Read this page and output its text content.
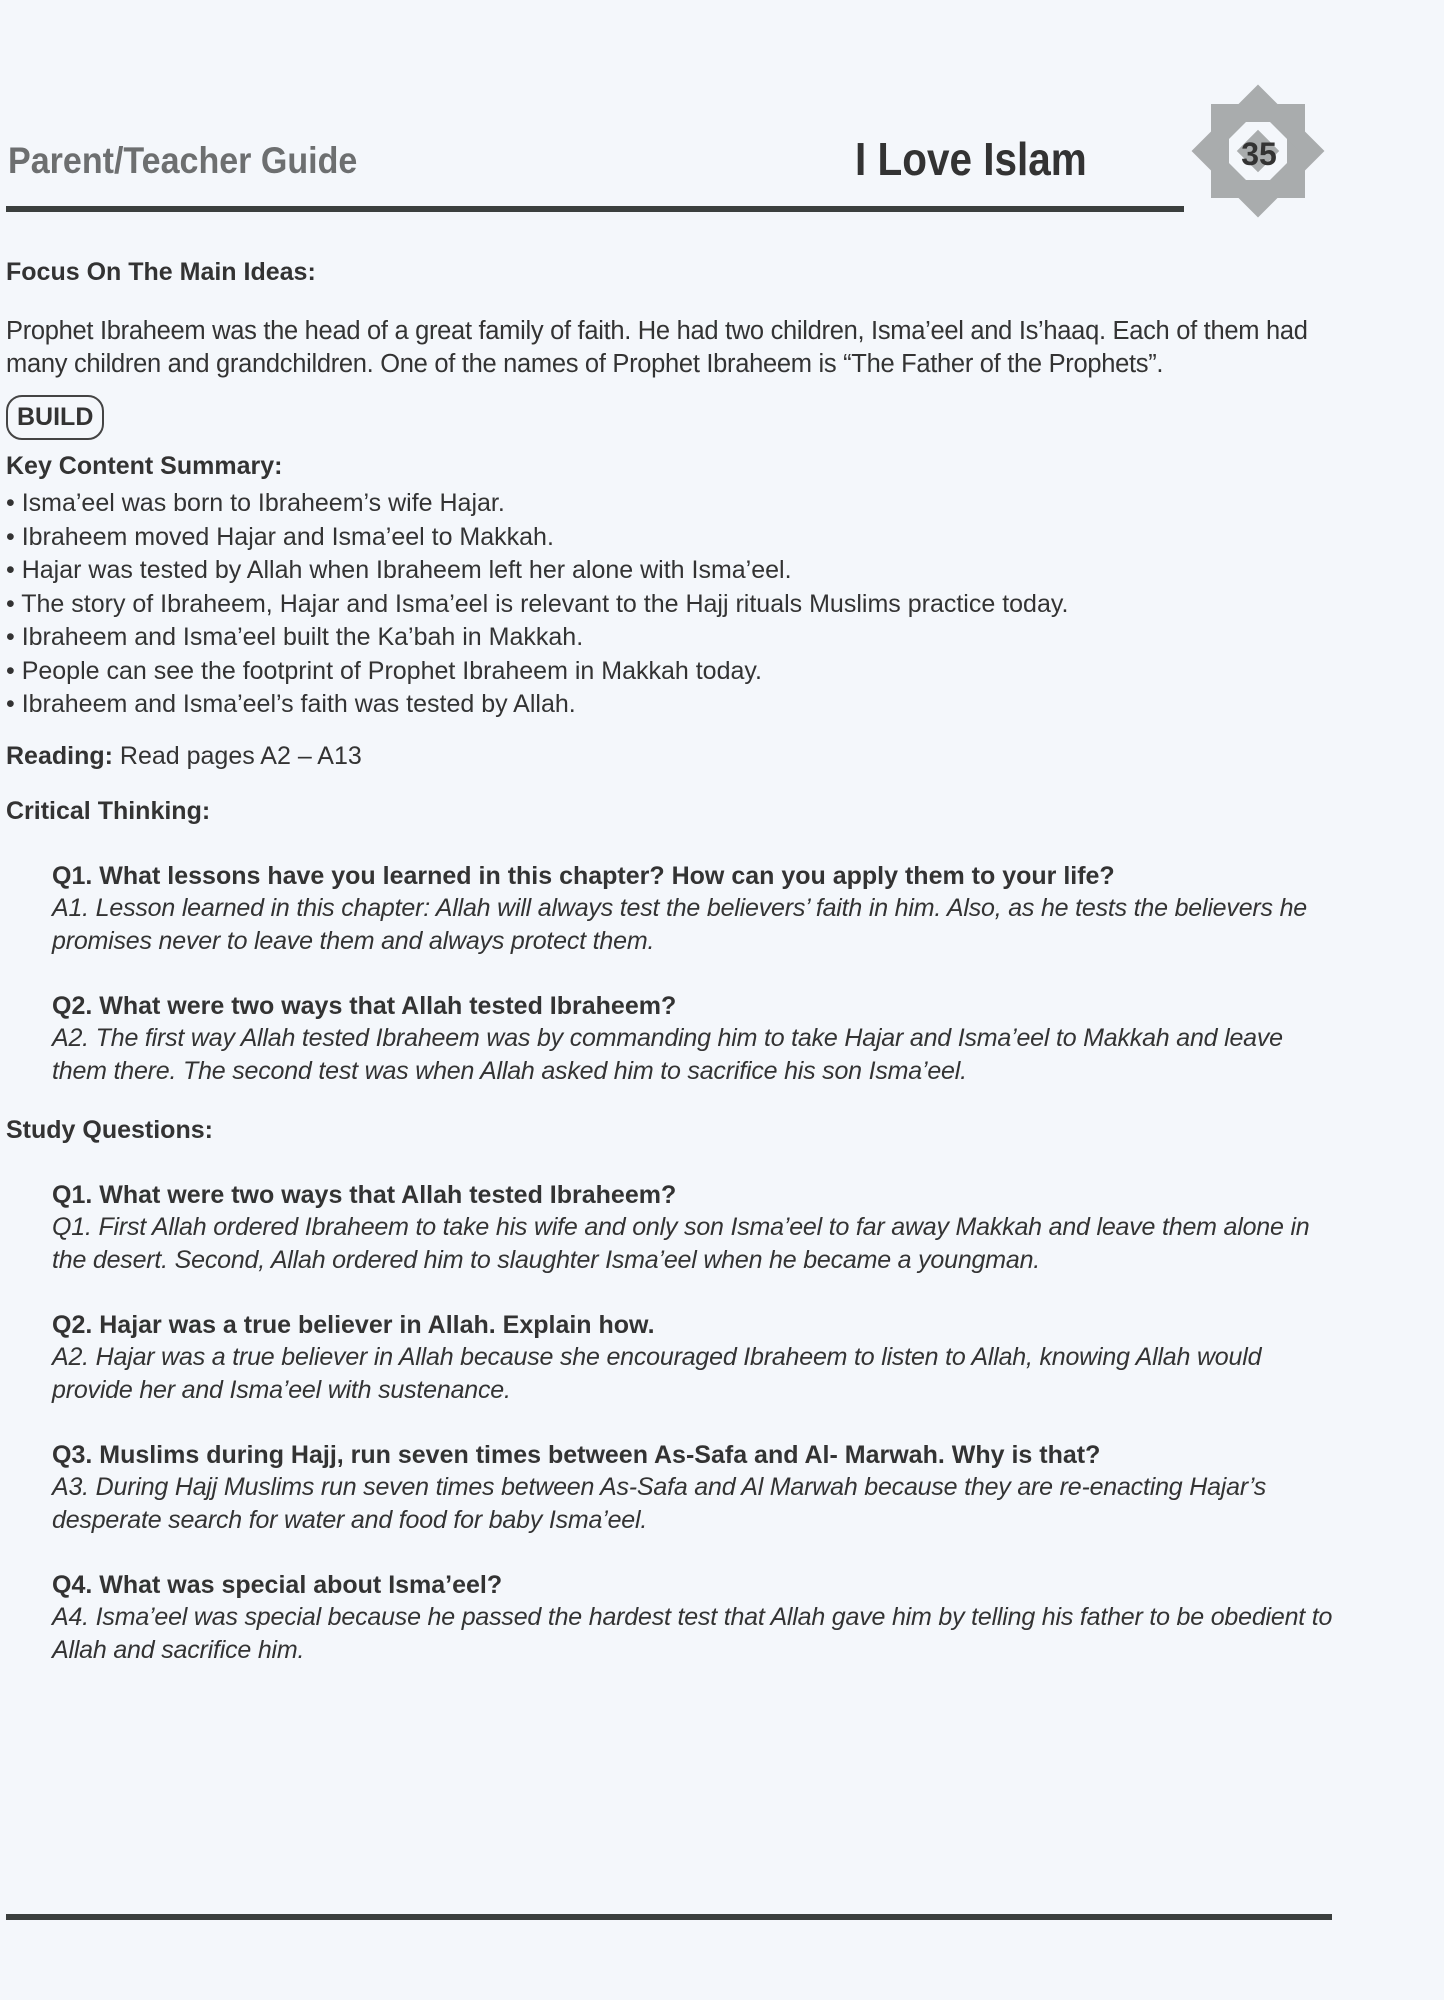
Parent/Teacher Guide	I Love Islam	35
Focus On The Main Ideas:

Prophet Ibraheem was the head of a great family of faith. He had two children, Isma’eel and Is’haaq. Each of them had many children and grandchildren. One of the names of Prophet Ibraheem is “The Father of the Prophets”.

BUILD
Key Content Summary:
• Isma’eel was born to Ibraheem’s wife Hajar.
• Ibraheem moved Hajar and Isma’eel to Makkah.
• Hajar was tested by Allah when Ibraheem left her alone with Isma’eel.
• The story of Ibraheem, Hajar and Isma’eel is relevant to the Hajj rituals Muslims practice today.
• Ibraheem and Isma’eel built the Ka’bah in Makkah.
• People can see the footprint of Prophet Ibraheem in Makkah today.
• Ibraheem and Isma’eel’s faith was tested by Allah.
Reading: Read pages A2 – A13
Critical Thinking:
Q1. What lessons have you learned in this chapter? How can you apply them to your life?
A1. Lesson learned in this chapter: Allah will always test the believers’ faith in him. Also, as he tests the believers he promises never to leave them and always protect them.
Q2. What were two ways that Allah tested Ibraheem?
A2. The first way Allah tested Ibraheem was by commanding him to take Hajar and Isma’eel to Makkah and leave them there. The second test was when Allah asked him to sacrifice his son Isma’eel.
Study Questions:
Q1. What were two ways that Allah tested Ibraheem?
Q1. First Allah ordered Ibraheem to take his wife and only son Isma’eel to far away Makkah and leave them alone in the desert. Second, Allah ordered him to slaughter Isma’eel when he became a youngman.
Q2. Hajar was a true believer in Allah. Explain how.
A2. Hajar was a true believer in Allah because she encouraged Ibraheem to listen to Allah, knowing Allah would provide her and Isma’eel with sustenance.
Q3. Muslims during Hajj, run seven times between As-Safa and Al- Marwah. Why is that?
A3. During Hajj Muslims run seven times between As-Safa and Al Marwah because they are re-enacting Hajar’s desperate search for water and food for baby Isma’eel.
Q4. What was special about Isma’eel?
A4. Isma’eel was special because he passed the hardest test that Allah gave him by telling his father to be obedient to Allah and sacrifice him.
